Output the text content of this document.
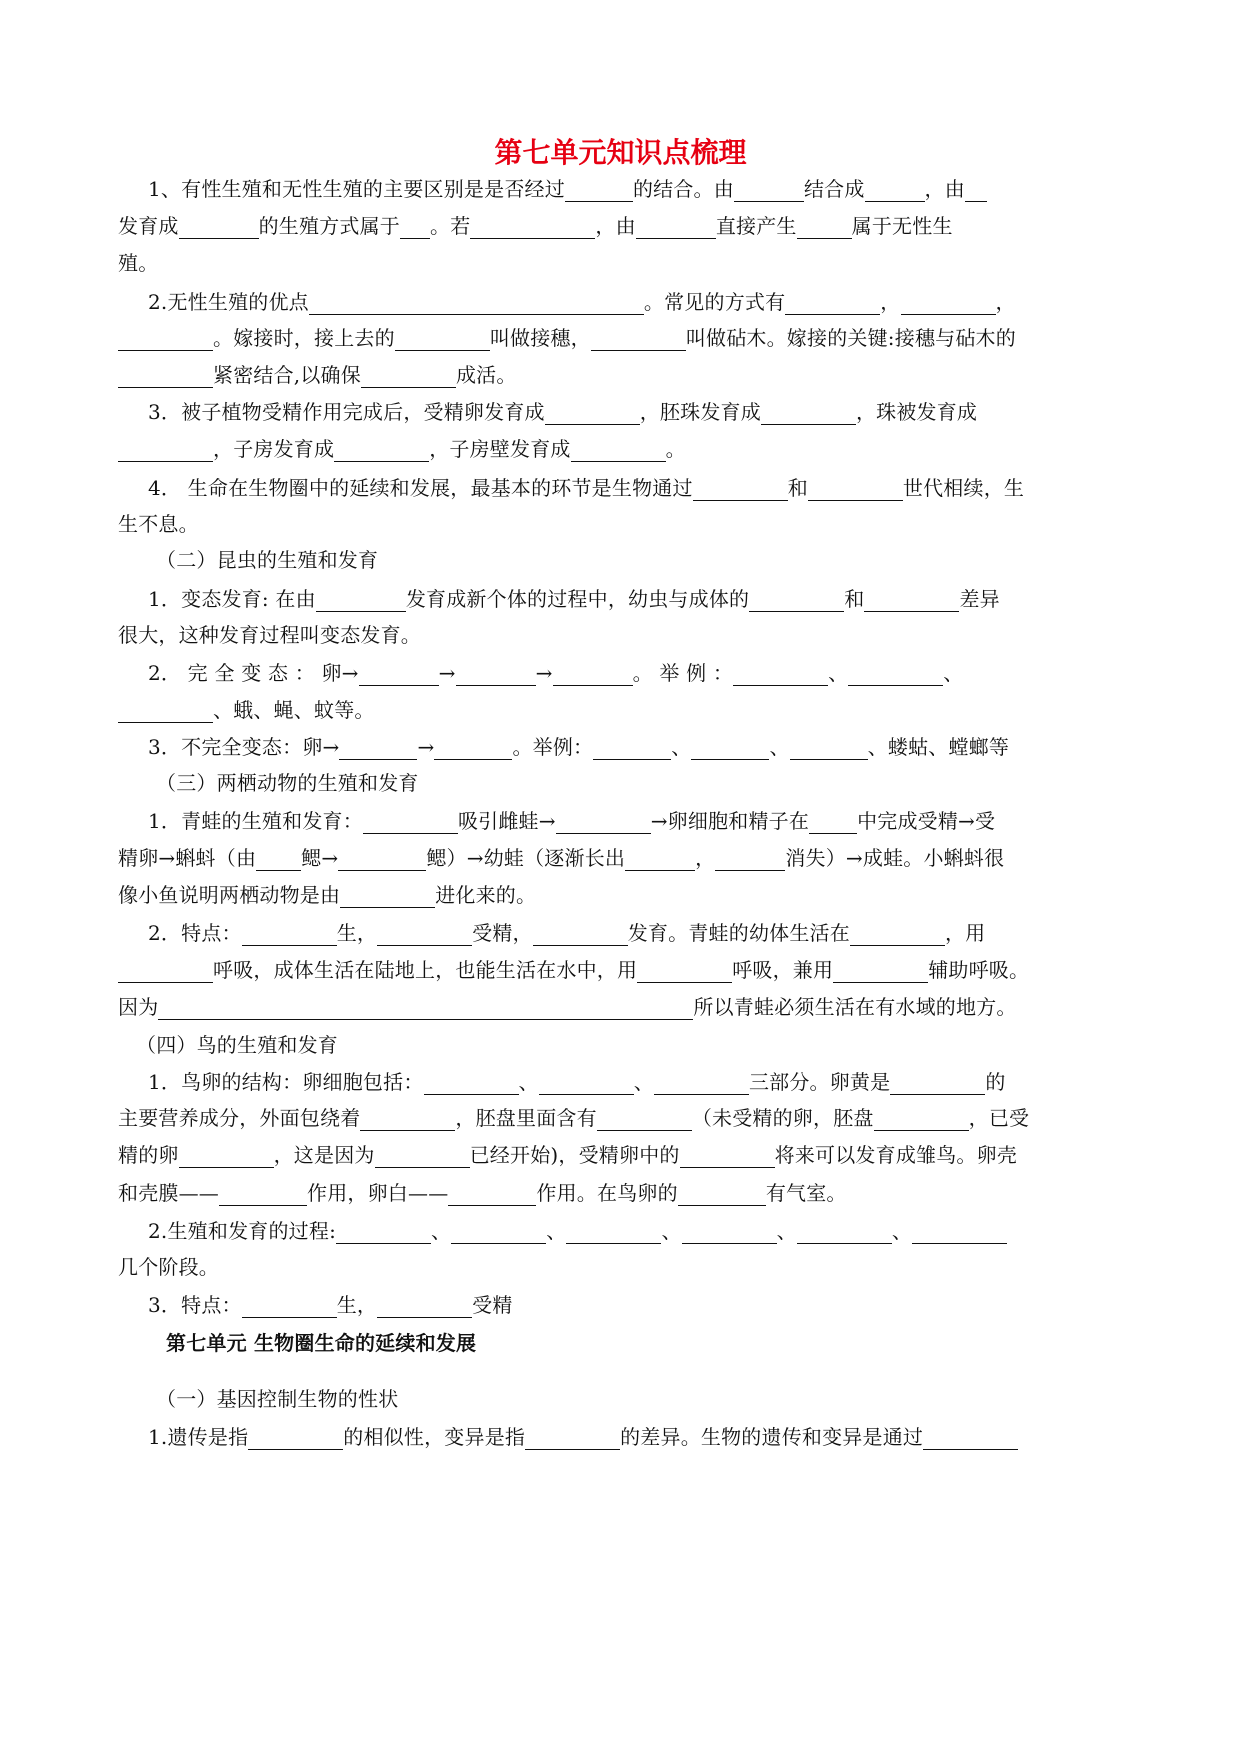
第七单元知识点梳理
1、有性生殖和无性生殖的主要区别是是否经过	的结合。由	结合成	，由
发育成	的生殖方式属于 。若	，由	直接产生	属于无性生
殖。
2.无性生殖的优点	。常见的方式有	，	，
。嫁接时，接上去的	叫做接穗，	叫做砧木。嫁接的关键:接穗与砧木的
紧密结合,以确保	成活。
3．被子植物受精作用完成后，受精卵发育成	，胚珠发育成	，珠被发育成
，子房发育成	，子房壁发育成	。
4． 生命在生物圈中的延续和发展，最基本的环节是生物通过	和	世代相续，生
生不息。
（二）昆虫的生殖和发育
1．变态发育: 在由	发育成新个体的过程中，幼虫与成体的	和	差异
很大，这种发育过程叫变态发育。
2． 完 全 变 态 ： 卵→	→	→	。 举 例 ：	、	、
、蛾、蝇、蚊等。
3．不完全变态：卵→	→	。举例：	、	、	、蝼蛄、螳螂等
（三）两栖动物的生殖和发育
1．青蛙的生殖和发育：	吸引雌蛙→	→卵细胞和精子在 中完成受精→受
精卵→蝌蚪（由 鳃→	鳃）→幼蛙（逐渐长出	，	消失）→成蛙。小蝌蚪很
像小鱼说明两栖动物是由	进化来的。
2．特点：	生，	受精，	发育。青蛙的幼体生活在	，用
呼吸，成体生活在陆地上，也能生活在水中，用	呼吸，兼用	辅助呼吸。
因为	所以青蛙必须生活在有水域的地方。
（四）鸟的生殖和发育
1．鸟卵的结构：卵细胞包括：	、	、	三部分。卵黄是	的
主要营养成分，外面包绕着	，胚盘里面含有	（未受精的卵，胚盘	，已受
精的卵	，这是因为	已经开始)，受精卵中的	将来可以发育成雏鸟。卵壳
和壳膜——	作用，卵白——	作用。在鸟卵的	有气室。
2.生殖和发育的过程:	、	、	、	、	、
几个阶段。
3．特点：	生，	受精
第七单元 生物圈生命的延续和发展
（一）基因控制生物的性状
1.遗传是指	的相似性，变异是指	的差异。生物的遗传和变异是通过
